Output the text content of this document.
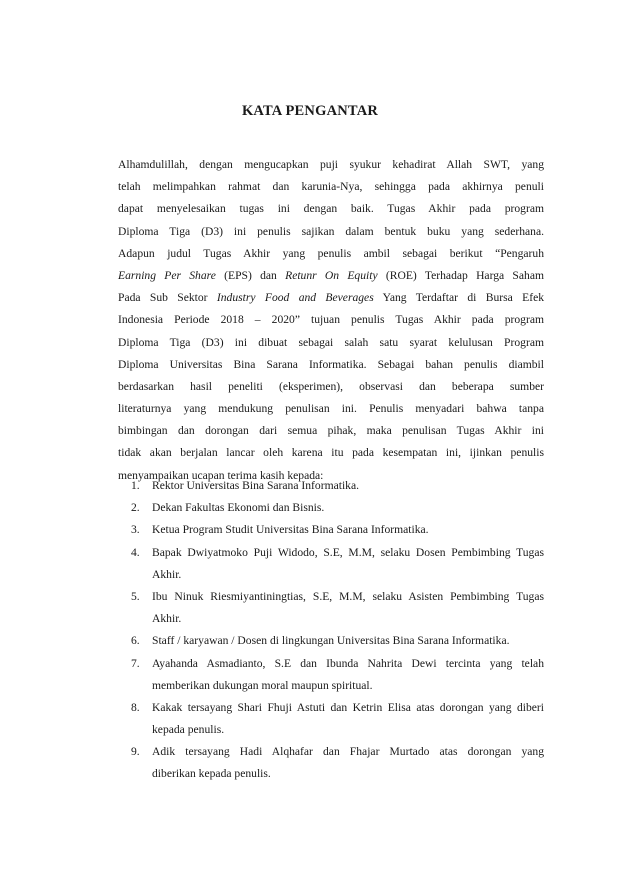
KATA PENGANTAR
Alhamdulillah, dengan mengucapkan puji syukur kehadirat Allah SWT, yang
telah melimpahkan rahmat dan karunia-Nya, sehingga pada akhirnya penuli
dapat menyelesaikan tugas ini dengan baik. Tugas Akhir pada program
Diploma Tiga (D3) ini penulis sajikan dalam bentuk buku yang sederhana.
Adapun judul Tugas Akhir yang penulis ambil sebagai berikut “Pengaruh
Earning Per Share (EPS) dan Retunr On Equity (ROE) Terhadap Harga Saham
Pada Sub Sektor Industry Food and Beverages Yang Terdaftar di Bursa Efek
Indonesia Periode 2018 – 2020” tujuan penulis Tugas Akhir pada program
Diploma Tiga (D3) ini dibuat sebagai salah satu syarat kelulusan Program
Diploma Universitas Bina Sarana Informatika. Sebagai bahan penulis diambil
berdasarkan hasil peneliti (eksperimen), observasi dan beberapa sumber
literaturnya yang mendukung penulisan ini. Penulis menyadari bahwa tanpa
bimbingan dan dorongan dari semua pihak, maka penulisan Tugas Akhir ini
tidak akan berjalan lancar oleh karena itu pada kesempatan ini, ijinkan penulis
menyampaikan ucapan terima kasih kepada:
1. Rektor Universitas Bina Sarana Informatika.
2. Dekan Fakultas Ekonomi dan Bisnis.
3. Ketua Program Studit Universitas Bina Sarana Informatika.
4. Bapak Dwiyatmoko Puji Widodo, S.E, M.M, selaku Dosen Pembimbing Tugas
Akhir.
5. Ibu Ninuk Riesmiyantiningtias, S.E, M.M, selaku Asisten Pembimbing Tugas
Akhir.
6. Staff / karyawan / Dosen di lingkungan Universitas Bina Sarana Informatika.
7. Ayahanda Asmadianto, S.E dan Ibunda Nahrita Dewi tercinta yang telah
memberikan dukungan moral maupun spiritual.
8. Kakak tersayang Shari Fhuji Astuti dan Ketrin Elisa atas dorongan yang diberi
kepada penulis.
9. Adik tersayang Hadi Alqhafar dan Fhajar Murtado atas dorongan yang
diberikan kepada penulis.
